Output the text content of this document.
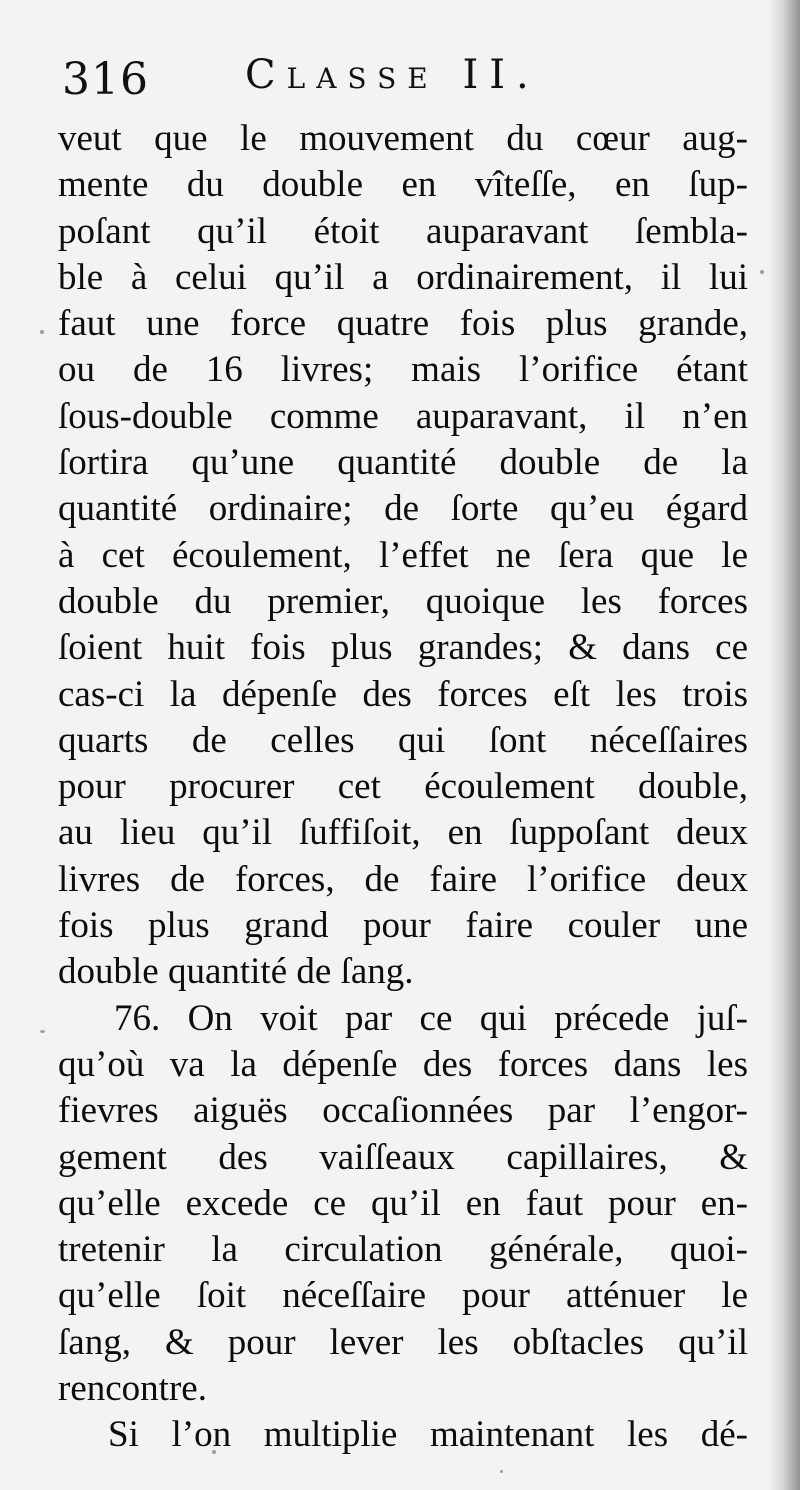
316 Classe II.
veut que le mouvement du cœur aug-
mente du double en vîteſſe, en ſup-
poſant qu’il étoit auparavant ſembla-
ble à celui qu’il a ordinairement, il lui
faut une force quatre fois plus grande,
ou de 16 livres; mais l’orifice étant
ſous-double comme auparavant, il n’en
ſortira qu’une quantité double de la
quantité ordinaire; de ſorte qu’eu égard
à cet écoulement, l’effet ne ſera que le
double du premier, quoique les forces
ſoient huit fois plus grandes; & dans ce
cas-ci la dépenſe des forces eſt les trois
quarts de celles qui ſont néceſſaires
pour procurer cet écoulement double,
au lieu qu’il ſuffiſoit, en ſuppoſant deux
livres de forces, de faire l’orifice deux
fois plus grand pour faire couler une
double quantité de ſang.
76. On voit par ce qui précede juſ-
qu’où va la dépenſe des forces dans les
fievres aiguës occaſionnées par l’engor-
gement des vaiſſeaux capillaires, &
qu’elle excede ce qu’il en faut pour en-
tretenir la circulation générale, quoi-
qu’elle ſoit néceſſaire pour atténuer le
ſang, & pour lever les obſtacles qu’il
rencontre.
Si l’on multiplie maintenant les dé-
